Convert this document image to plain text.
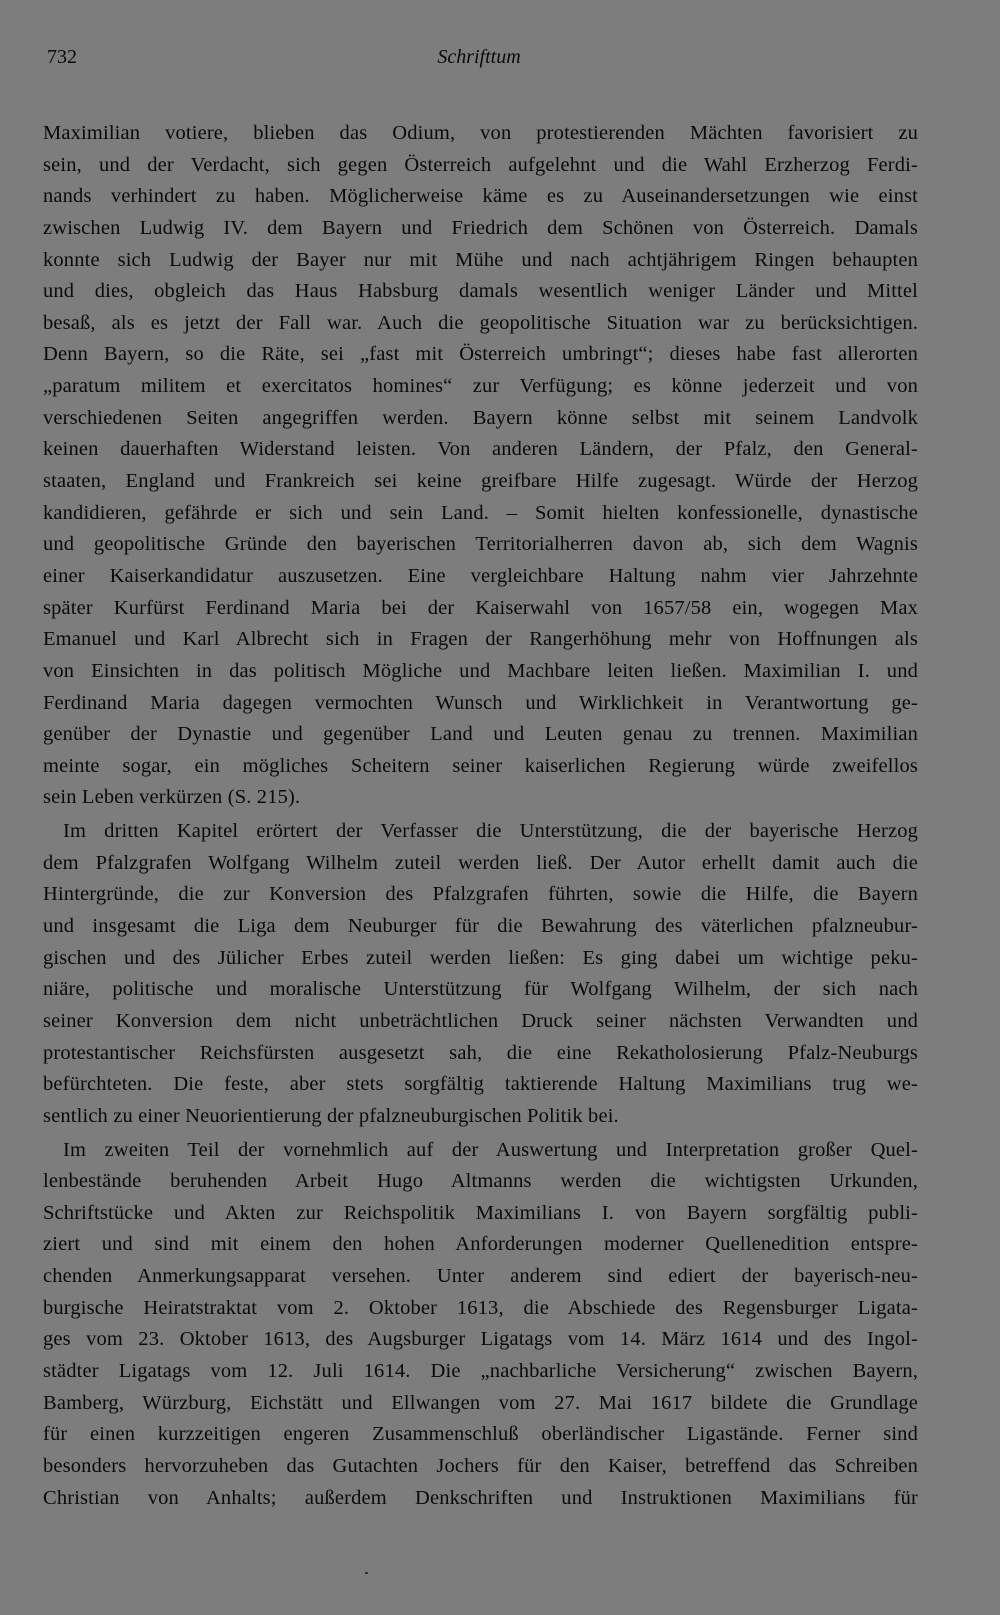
732	Schrifttum
Maximilian votiere, blieben das Odium, von protestierenden Mächten favorisiert zu
sein, und der Verdacht, sich gegen Österreich aufgelehnt und die Wahl Erzherzog Ferdi-
nands verhindert zu haben. Möglicherweise käme es zu Auseinandersetzungen wie einst
zwischen Ludwig IV. dem Bayern und Friedrich dem Schönen von Österreich. Damals
konnte sich Ludwig der Bayer nur mit Mühe und nach achtjährigem Ringen behaupten
und dies, obgleich das Haus Habsburg damals wesentlich weniger Länder und Mittel
besaß, als es jetzt der Fall war. Auch die geopolitische Situation war zu berücksichtigen.
Denn Bayern, so die Räte, sei „fast mit Österreich umbringt“; dieses habe fast allerorten
„paratum militem et exercitatos homines“ zur Verfügung; es könne jederzeit und von
verschiedenen Seiten angegriffen werden. Bayern könne selbst mit seinem Landvolk
keinen dauerhaften Widerstand leisten. Von anderen Ländern, der Pfalz, den General-
staaten, England und Frankreich sei keine greifbare Hilfe zugesagt. Würde der Herzog
kandidieren, gefährde er sich und sein Land. – Somit hielten konfessionelle, dynastische
und geopolitische Gründe den bayerischen Territorialherren davon ab, sich dem Wagnis
einer Kaiserkandidatur auszusetzen. Eine vergleichbare Haltung nahm vier Jahrzehnte
später Kurfürst Ferdinand Maria bei der Kaiserwahl von 1657/58 ein, wogegen Max
Emanuel und Karl Albrecht sich in Fragen der Rangerhöhung mehr von Hoffnungen als
von Einsichten in das politisch Mögliche und Machbare leiten ließen. Maximilian I. und
Ferdinand Maria dagegen vermochten Wunsch und Wirklichkeit in Verantwortung ge-
genüber der Dynastie und gegenüber Land und Leuten genau zu trennen. Maximilian
meinte sogar, ein mögliches Scheitern seiner kaiserlichen Regierung würde zweifellos
sein Leben verkürzen (S. 215).
Im dritten Kapitel erörtert der Verfasser die Unterstützung, die der bayerische Herzog
dem Pfalzgrafen Wolfgang Wilhelm zuteil werden ließ. Der Autor erhellt damit auch die
Hintergründe, die zur Konversion des Pfalzgrafen führten, sowie die Hilfe, die Bayern
und insgesamt die Liga dem Neuburger für die Bewahrung des väterlichen pfalzneubur-
gischen und des Jülicher Erbes zuteil werden ließen: Es ging dabei um wichtige peku-
niäre, politische und moralische Unterstützung für Wolfgang Wilhelm, der sich nach
seiner Konversion dem nicht unbeträchtlichen Druck seiner nächsten Verwandten und
protestantischer Reichsfürsten ausgesetzt sah, die eine Rekatholosierung Pfalz-Neuburgs
befürchteten. Die feste, aber stets sorgfältig taktierende Haltung Maximilians trug we-
sentlich zu einer Neuorientierung der pfalzneuburgischen Politik bei.
Im zweiten Teil der vornehmlich auf der Auswertung und Interpretation großer Quel-
lenbestände beruhenden Arbeit Hugo Altmanns werden die wichtigsten Urkunden,
Schriftstücke und Akten zur Reichspolitik Maximilians I. von Bayern sorgfältig publi-
ziert und sind mit einem den hohen Anforderungen moderner Quellenedition entspre-
chenden Anmerkungsapparat versehen. Unter anderem sind ediert der bayerisch-neu-
burgische Heiratstraktat vom 2. Oktober 1613, die Abschiede des Regensburger Ligata-
ges vom 23. Oktober 1613, des Augsburger Ligatags vom 14. März 1614 und des Ingol-
städter Ligatags vom 12. Juli 1614. Die „nachbarliche Versicherung“ zwischen Bayern,
Bamberg, Würzburg, Eichstätt und Ellwangen vom 27. Mai 1617 bildete die Grundlage
für einen kurzzeitigen engeren Zusammenschluß oberländischer Ligastände. Ferner sind
besonders hervorzuheben das Gutachten Jochers für den Kaiser, betreffend das Schreiben
Christian von Anhalts; außerdem Denkschriften und Instruktionen Maximilians für
